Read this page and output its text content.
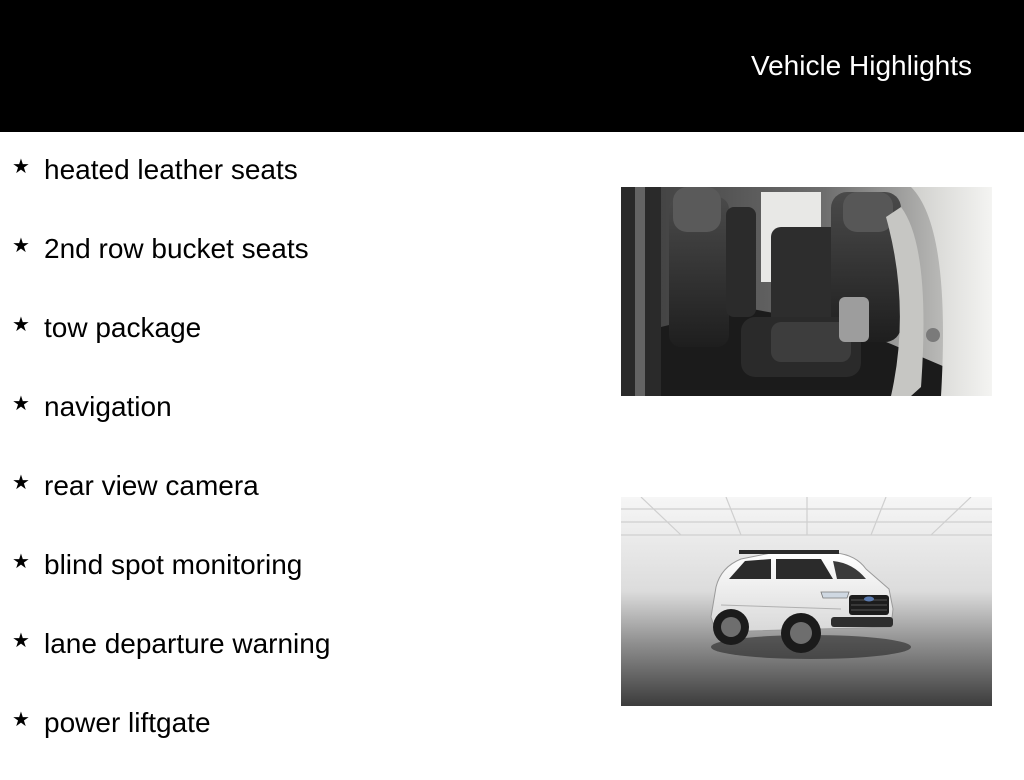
Vehicle Highlights
★ heated leather seats
★ 2nd row bucket seats
★ tow package
★ navigation
★ rear view camera
★ blind spot monitoring
★ lane departure warning
★ power liftgate
